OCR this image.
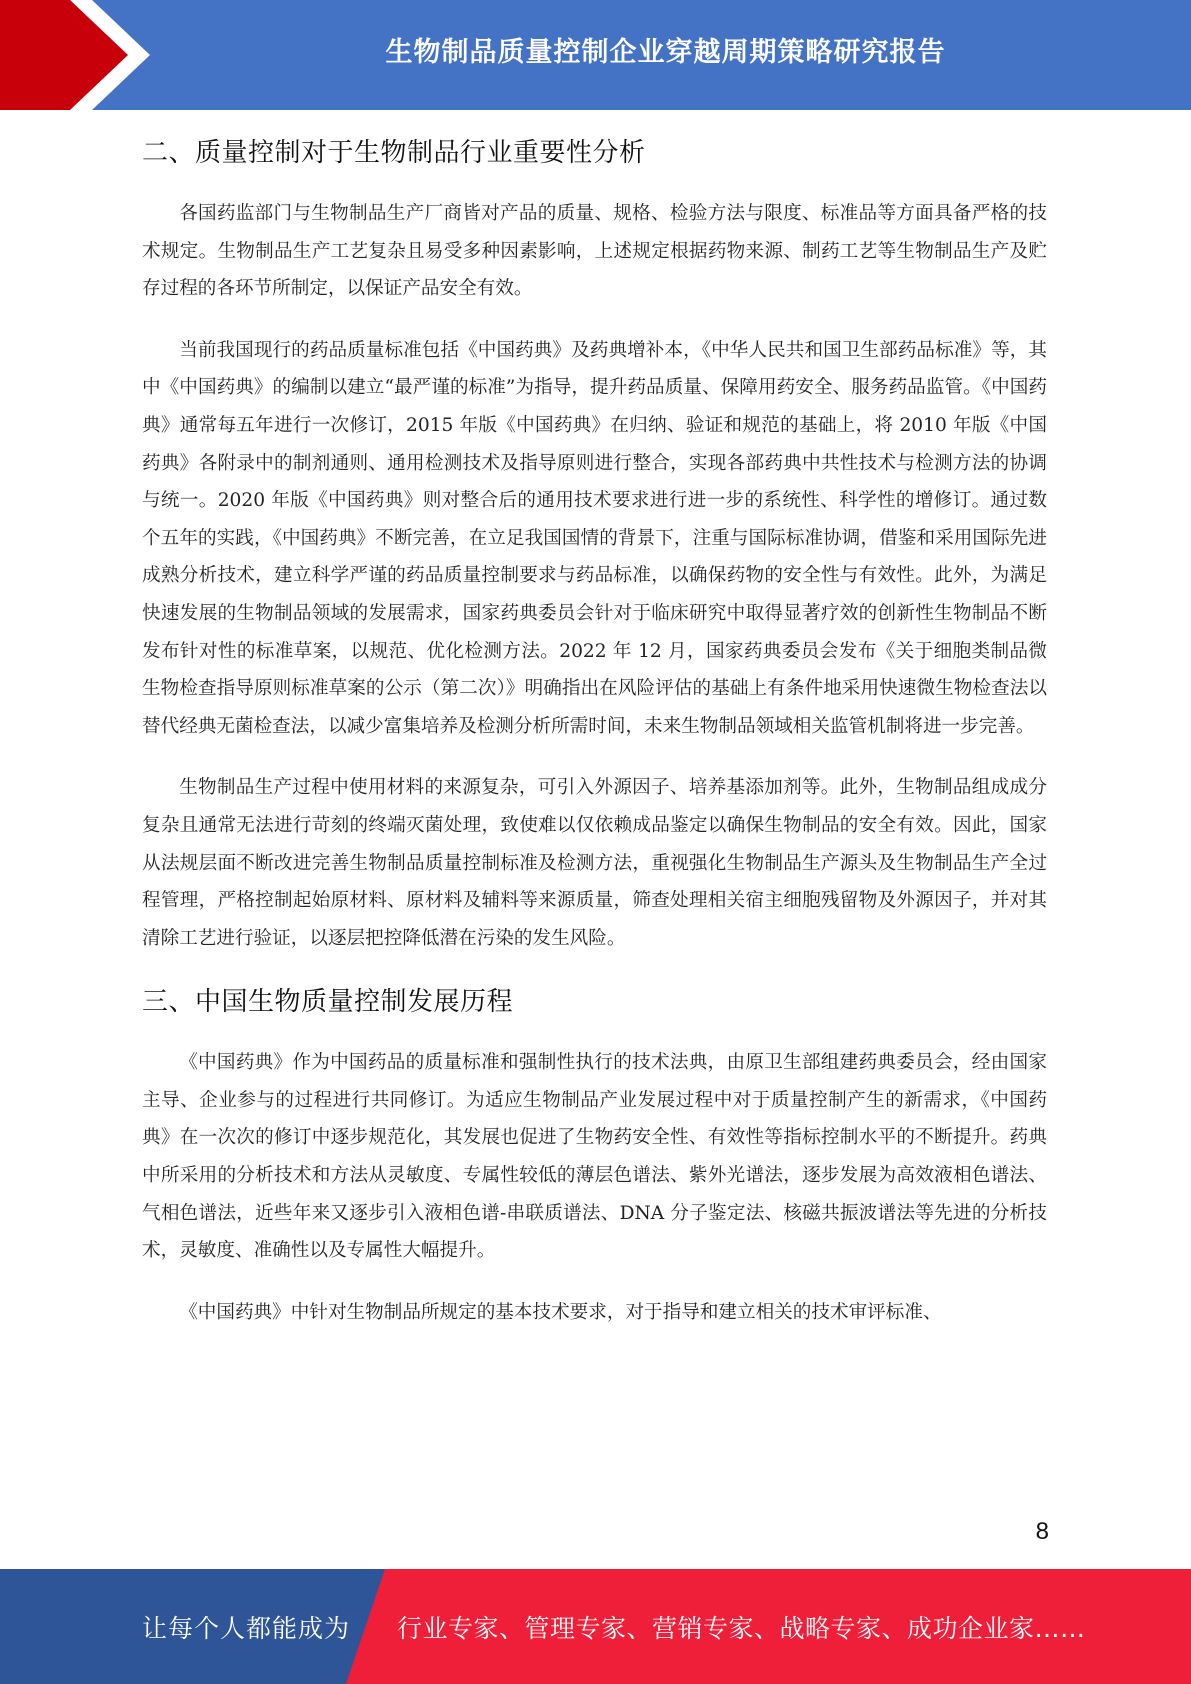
生物制品质量控制企业穿越周期策略研究报告
二、质量控制对于生物制品行业重要性分析

各国药监部门与生物制品生产厂商皆对产品的质量、规格、检验方法与限度、标准品等方面具备严格的技术规定。生物制品生产工艺复杂且易受多种因素影响，上述规定根据药物来源、制药工艺等生物制品生产及贮存过程的各环节所制定，以保证产品安全有效。

当前我国现行的药品质量标准包括《中国药典》及药典增补本，《中华人民共和国卫生部药品标准》等，其中《中国药典》的编制以建立“最严谨的标准”为指导，提升药品质量、保障用药安全、服务药品监管。《中国药典》通常每五年进行一次修订，2015 年版《中国药典》在归纳、验证和规范的基础上，将 2010 年版《中国药典》各附录中的制剂通则、通用检测技术及指导原则进行整合，实现各部药典中共性技术与检测方法的协调与统一。2020 年版《中国药典》则对整合后的通用技术要求进行进一步的系统性、科学性的增修订。通过数个五年的实践，《中国药典》不断完善，在立足我国国情的背景下，注重与国际标准协调，借鉴和采用国际先进成熟分析技术，建立科学严谨的药品质量控制要求与药品标准，以确保药物的安全性与有效性。此外，为满足快速发展的生物制品领域的发展需求，国家药典委员会针对于临床研究中取得显著疗效的创新性生物制品不断发布针对性的标准草案，以规范、优化检测方法。2022 年 12 月，国家药典委员会发布《关于细胞类制品微生物检查指导原则标准草案的公示（第二次）》明确指出在风险评估的基础上有条件地采用快速微生物检查法以替代经典无菌检查法，以减少富集培养及检测分析所需时间，未来生物制品领域相关监管机制将进一步完善。

生物制品生产过程中使用材料的来源复杂，可引入外源因子、培养基添加剂等。此外，生物制品组成成分复杂且通常无法进行苛刻的终端灭菌处理，致使难以仅依赖成品鉴定以确保生物制品的安全有效。因此，国家从法规层面不断改进完善生物制品质量控制标准及检测方法，重视强化生物制品生产源头及生物制品生产全过程管理，严格控制起始原材料、原材料及辅料等来源质量，筛查处理相关宿主细胞残留物及外源因子，并对其清除工艺进行验证，以逐层把控降低潜在污染的发生风险。

三、中国生物质量控制发展历程

《中国药典》作为中国药品的质量标准和强制性执行的技术法典，由原卫生部组建药典委员会，经由国家主导、企业参与的过程进行共同修订。为适应生物制品产业发展过程中对于质量控制产生的新需求，《中国药典》在一次次的修订中逐步规范化，其发展也促进了生物药安全性、有效性等指标控制水平的不断提升。药典中所采用的分析技术和方法从灵敏度、专属性较低的薄层色谱法、紫外光谱法，逐步发展为高效液相色谱法、气相色谱法，近些年来又逐步引入液相色谱-串联质谱法、DNA 分子鉴定法、核磁共振波谱法等先进的分析技术，灵敏度、准确性以及专属性大幅提升。

《中国药典》中针对生物制品所规定的基本技术要求，对于指导和建立相关的技术审评标准、

8
让每个人都能成为 行业专家、管理专家、营销专家、战略专家、成功企业家……
